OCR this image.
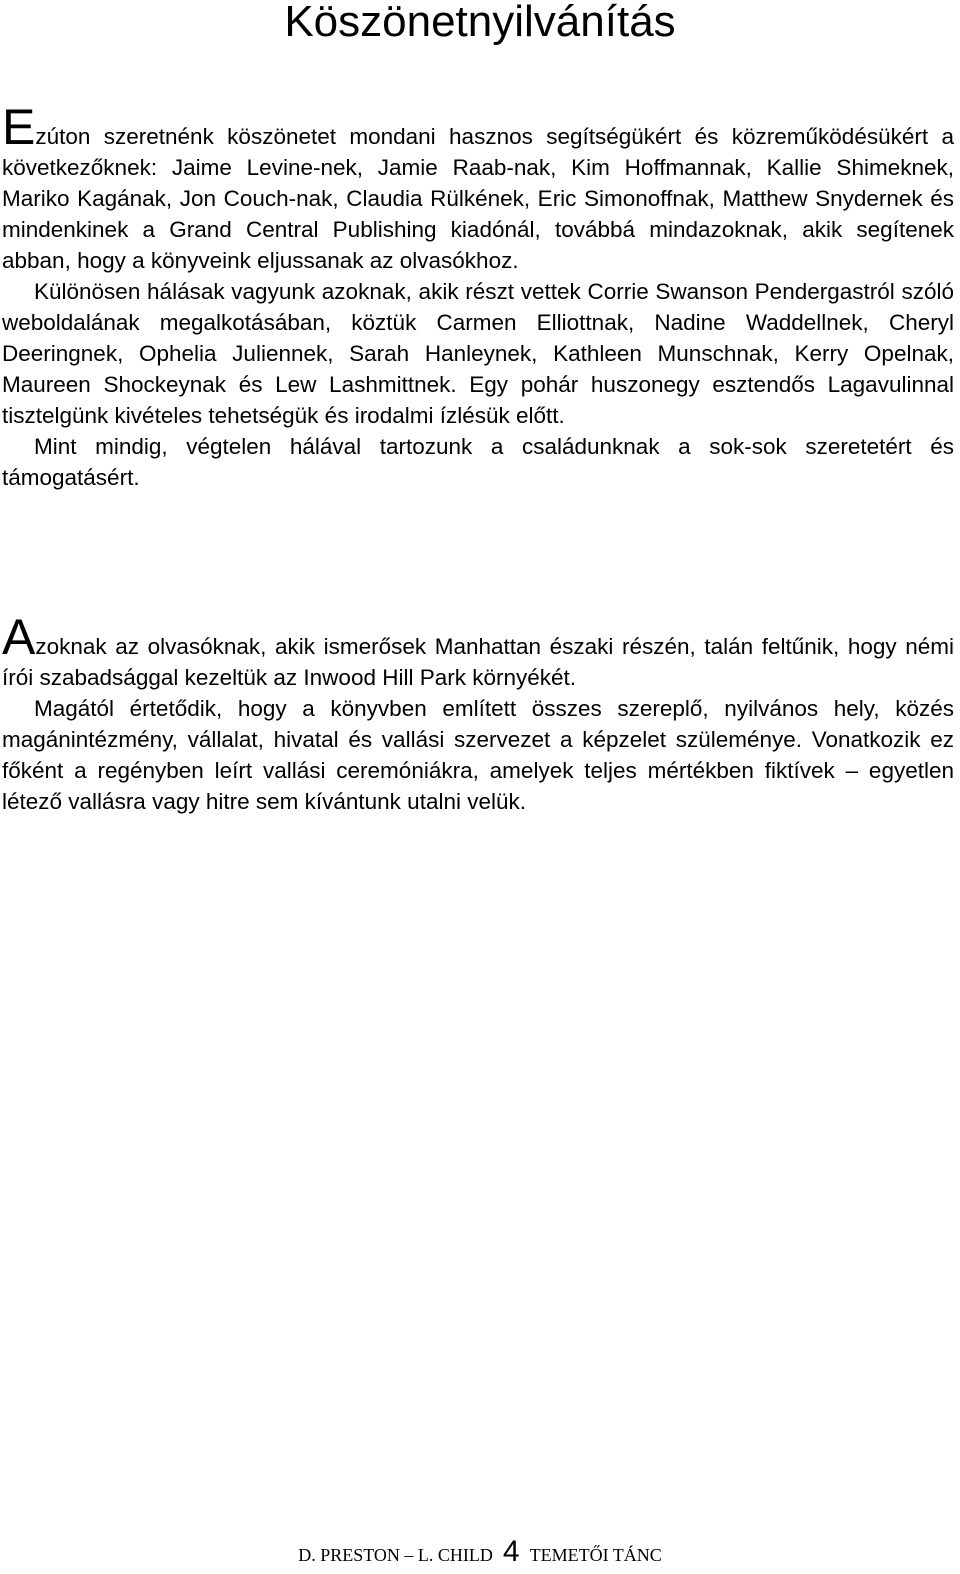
Köszönetnyilvánítás

Ezúton szeretnénk köszönetet mondani hasznos segítségükért és közreműködésükért a következőknek: Jaime Levine-nek, Jamie Raab-nak, Kim Hoffmannak, Kallie Shimeknek, Mariko Kagának, Jon Couch-nak, Claudia Rülkének, Eric Simonoffnak, Matthew Snydernek és mindenkinek a Grand Central Publishing kiadónál, továbbá mindazoknak, akik segítenek abban, hogy a könyveink eljussanak az olvasókhoz.

Különösen hálásak vagyunk azoknak, akik részt vettek Corrie Swanson Pendergastról szóló weboldalának megalkotásában, köztük Carmen Elliottnak, Nadine Waddellnek, Cheryl Deeringnek, Ophelia Juliennek, Sarah Hanleynek, Kathleen Munschnak, Kerry Opelnak, Maureen Shockeynak és Lew Lashmittnek. Egy pohár huszonegy esztendős Lagavulinnal tisztelgünk kivételes tehetségük és irodalmi ízlésük előtt.

Mint mindig, végtelen hálával tartozunk a családunknak a sok-sok szeretetért és támogatásért.

Azoknak az olvasóknak, akik ismerősek Manhattan északi részén, talán feltűnik, hogy némi írói szabadsággal kezeltük az Inwood Hill Park környékét.

Magától értetődik, hogy a könyvben említett összes szereplő, nyilvános hely, közés magánintézmény, vállalat, hivatal és vallási szervezet a képzelet szüleménye. Vonatkozik ez főként a regényben leírt vallási ceremóniákra, amelyek teljes mértékben fiktívek – egyetlen létező vallásra vagy hitre sem kívántunk utalni velük.

D. PRESTON – L. CHILD 4 TEMETŐI TÁNC
